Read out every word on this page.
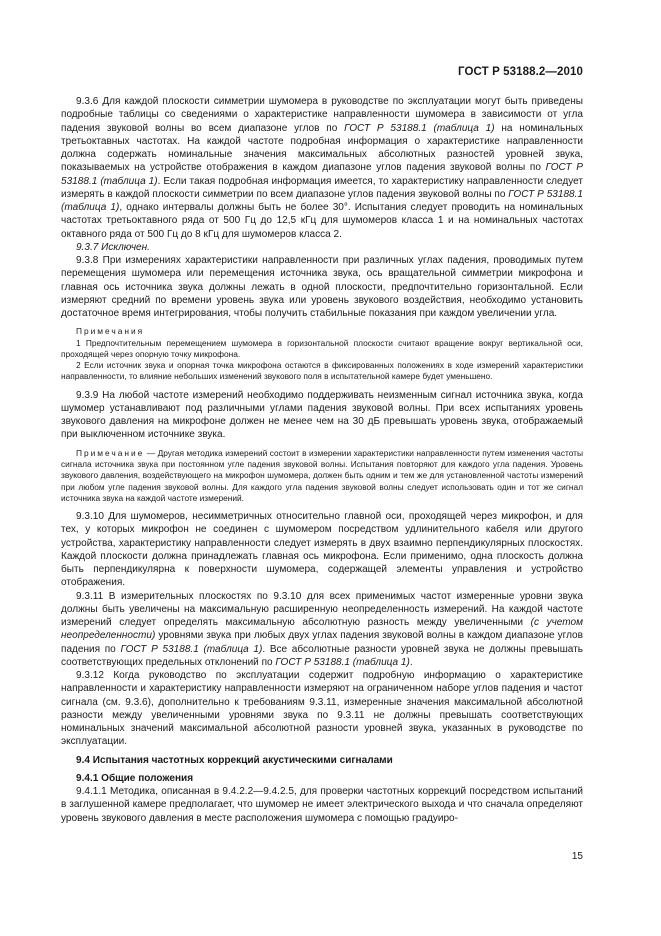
ГОСТ Р 53188.2—2010

9.3.6 Для каждой плоскости симметрии шумомера в руководстве по эксплуатации могут быть приведены подробные таблицы со сведениями о характеристике направленности шумомера в зависимости от угла падения звуковой волны во всем диапазоне углов по ГОСТ Р 53188.1 (таблица 1) на номинальных третьоктавных частотах. На каждой частоте подробная информация о характеристике направленности должна содержать номинальные значения максимальных абсолютных разностей уровней звука, показываемых на устройстве отображения в каждом диапазоне углов падения звуковой волны по ГОСТ Р 53188.1 (таблица 1). Если такая подробная информация имеется, то характеристику направленности следует измерять в каждой плоскости симметрии по всем диапазоне углов падения звуковой волны по ГОСТ Р 53188.1 (таблица 1), однако интервалы должны быть не более 30°. Испытания следует проводить на номинальных частотах третьоктавного ряда от 500 Гц до 12,5 кГц для шумомеров класса 1 и на номинальных частотах октавного ряда от 500 Гц до 8 кГц для шумомеров класса 2.

9.3.7 Исключен.

9.3.8 При измерениях характеристики направленности при различных углах падения, проводимых путем перемещения шумомера или перемещения источника звука, ось вращательной симметрии микрофона и главная ось источника звука должны лежать в одной плоскости, предпочтительно горизонтальной. Если измеряют средний по времени уровень звука или уровень звукового воздействия, необходимо установить достаточное время интегрирования, чтобы получить стабильные показания при каждом увеличении угла.

Примечания

1 Предпочтительным перемещением шумомера в горизонтальной плоскости считают вращение вокруг вертикальной оси, проходящей через опорную точку микрофона.

2 Если источник звука и опорная точка микрофона остаются в фиксированных положениях в ходе измерений характеристики направленности, то влияние небольших изменений звукового поля в испытательной камере будет уменьшено.

9.3.9 На любой частоте измерений необходимо поддерживать неизменным сигнал источника звука, когда шумомер устанавливают под различными углами падения звуковой волны. При всех испытаниях уровень звукового давления на микрофоне должен не менее чем на 30 дБ превышать уровень звука, отображаемый при выключенном источнике звука.

Примечание — Другая методика измерений состоит в измерении характеристики направленности путем изменения частоты сигнала источника звука при постоянном угле падения звуковой волны. Испытания повторяют для каждого угла падения. Уровень звукового давления, воздействующего на микрофон шумомера, должен быть одним и тем же для установленной частоты измерений при любом угле падения звуковой волны. Для каждого угла падения звуковой волны следует использовать один и тот же сигнал источника звука на каждой частоте измерений.

9.3.10 Для шумомеров, несимметричных относительно главной оси, проходящей через микрофон, и для тех, у которых микрофон не соединен с шумомером посредством удлинительного кабеля или другого устройства, характеристику направленности следует измерять в двух взаимно перпендикулярных плоскостях. Каждой плоскости должна принадлежать главная ось микрофона. Если применимо, одна плоскость должна быть перпендикулярна к поверхности шумомера, содержащей элементы управления и устройство отображения.

9.3.11 В измерительных плоскостях по 9.3.10 для всех применимых частот измеренные уровни звука должны быть увеличены на максимальную расширенную неопределенность измерений. На каждой частоте измерений следует определять максимальную абсолютную разность между увеличенными (с учетом неопределенности) уровнями звука при любых двух углах падения звуковой волны в каждом диапазоне углов падения по ГОСТ Р 53188.1 (таблица 1). Все абсолютные разности уровней звука не должны превышать соответствующих предельных отклонений по ГОСТ Р 53188.1 (таблица 1).

9.3.12 Когда руководство по эксплуатации содержит подробную информацию о характеристике направленности и характеристику направленности измеряют на ограниченном наборе углов падения и частот сигнала (см. 9.3.6), дополнительно к требованиям 9.3.11, измеренные значения максимальной абсолютной разности между увеличенными уровнями звука по 9.3.11 не должны превышать соответствующих номинальных значений максимальной абсолютной разности уровней звука, указанных в руководстве по эксплуатации.

9.4 Испытания частотных коррекций акустическими сигналами

9.4.1 Общие положения

9.4.1.1 Методика, описанная в 9.4.2.2—9.4.2.5, для проверки частотных коррекций посредством испытаний в заглушенной камере предполагает, что шумомер не имеет электрического выхода и что сначала определяют уровень звукового давления в месте расположения шумомера с помощью градуиро-

15
